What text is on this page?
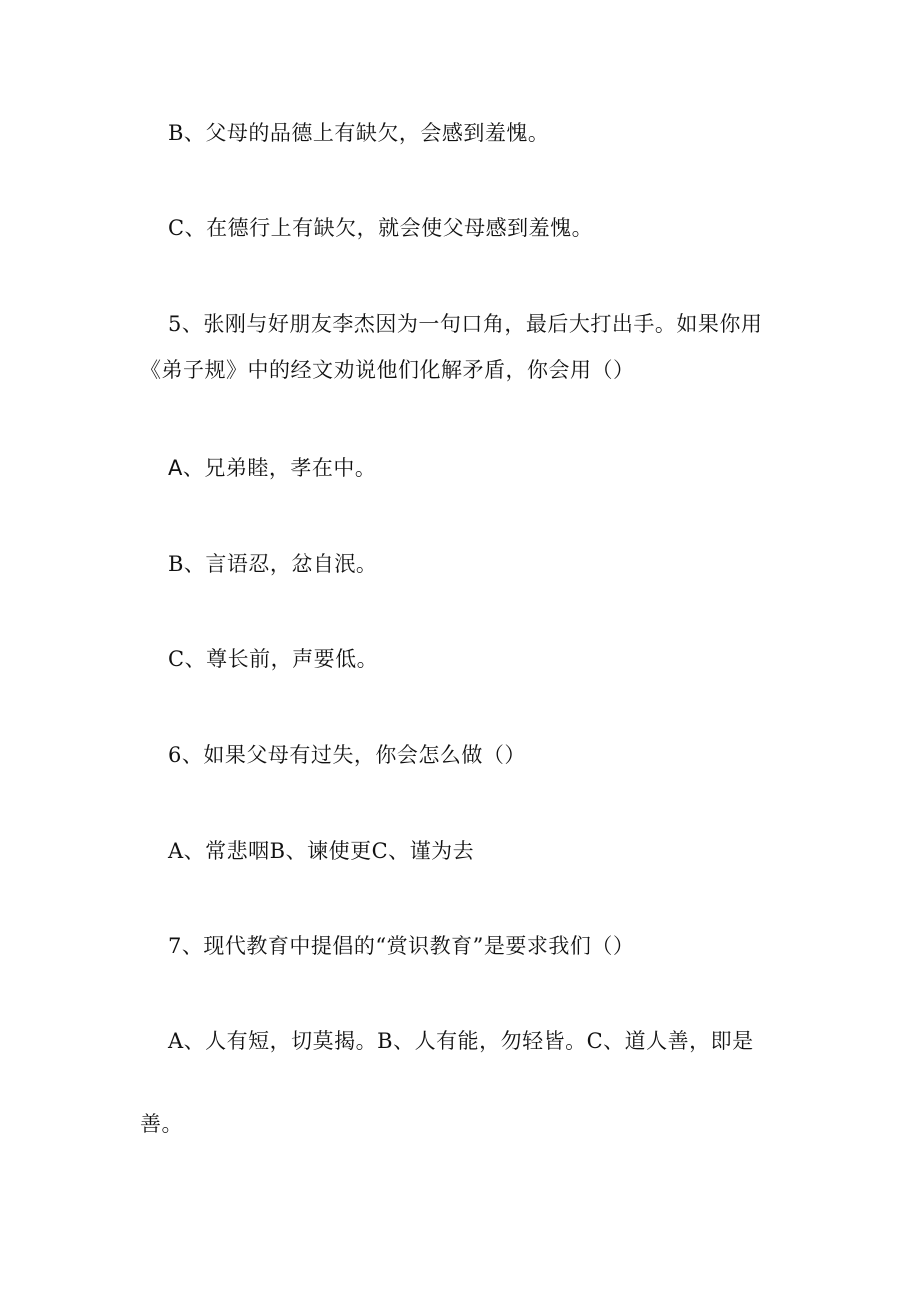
B、父母的品德上有缺欠，会感到羞愧。
C、在德行上有缺欠，就会使父母感到羞愧。
5、张刚与好朋友李杰因为一句口角，最后大打出手。如果你用
《弟子规》中的经文劝说他们化解矛盾，你会用（）
A、兄弟睦，孝在中。
B、言语忍，忿自泯。
C、尊长前，声要低。
6、如果父母有过失，你会怎么做（）
A、常悲咽B、谏使更C、谨为去
7、现代教育中提倡的“赏识教育”是要求我们（）
A、人有短，切莫揭。B、人有能，勿轻皆。C、道人善，即是
善。
